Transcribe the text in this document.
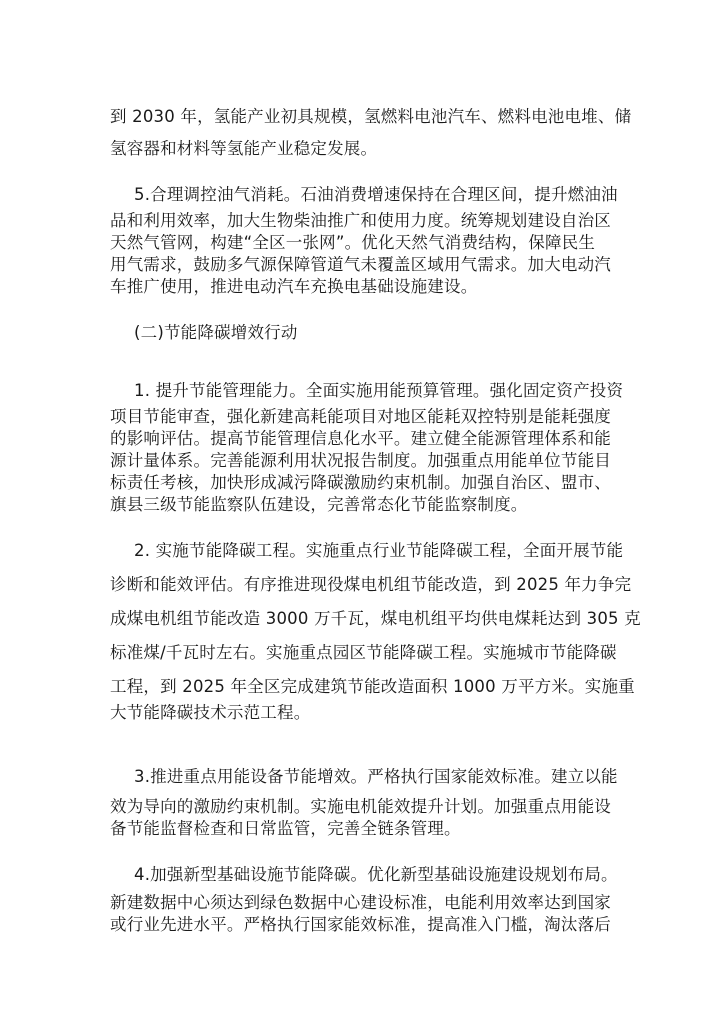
到 2030 年，氢能产业初具规模，氢燃料电池汽车、燃料电池电堆、储
氢容器和材料等氢能产业稳定发展。
5.合理调控油气消耗。石油消费增速保持在合理区间，提升燃油油
品和利用效率，加大生物柴油推广和使用力度。统筹规划建设自治区
天然气管网，构建“全区一张网”。优化天然气消费结构，保障民生
用气需求，鼓励多气源保障管道气未覆盖区域用气需求。加大电动汽
车推广使用，推进电动汽车充换电基础设施建设。
(二)节能降碳增效行动
1. 提升节能管理能力。全面实施用能预算管理。强化固定资产投资
项目节能审查，强化新建高耗能项目对地区能耗双控特别是能耗强度
的影响评估。提高节能管理信息化水平。建立健全能源管理体系和能
源计量体系。完善能源利用状况报告制度。加强重点用能单位节能目
标责任考核，加快形成减污降碳激励约束机制。加强自治区、盟市、
旗县三级节能监察队伍建设，完善常态化节能监察制度。
2. 实施节能降碳工程。实施重点行业节能降碳工程，全面开展节能
诊断和能效评估。有序推进现役煤电机组节能改造，到 2025 年力争完
成煤电机组节能改造 3000 万千瓦，煤电机组平均供电煤耗达到 305 克
标准煤/千瓦时左右。实施重点园区节能降碳工程。实施城市节能降碳
工程，到 2025 年全区完成建筑节能改造面积 1000 万平方米。实施重
大节能降碳技术示范工程。
3.推进重点用能设备节能增效。严格执行国家能效标准。建立以能
效为导向的激励约束机制。实施电机能效提升计划。加强重点用能设
备节能监督检查和日常监管，完善全链条管理。
4.加强新型基础设施节能降碳。优化新型基础设施建设规划布局。
新建数据中心须达到绿色数据中心建设标准，电能利用效率达到国家
或行业先进水平。严格执行国家能效标准，提高准入门槛，淘汰落后
